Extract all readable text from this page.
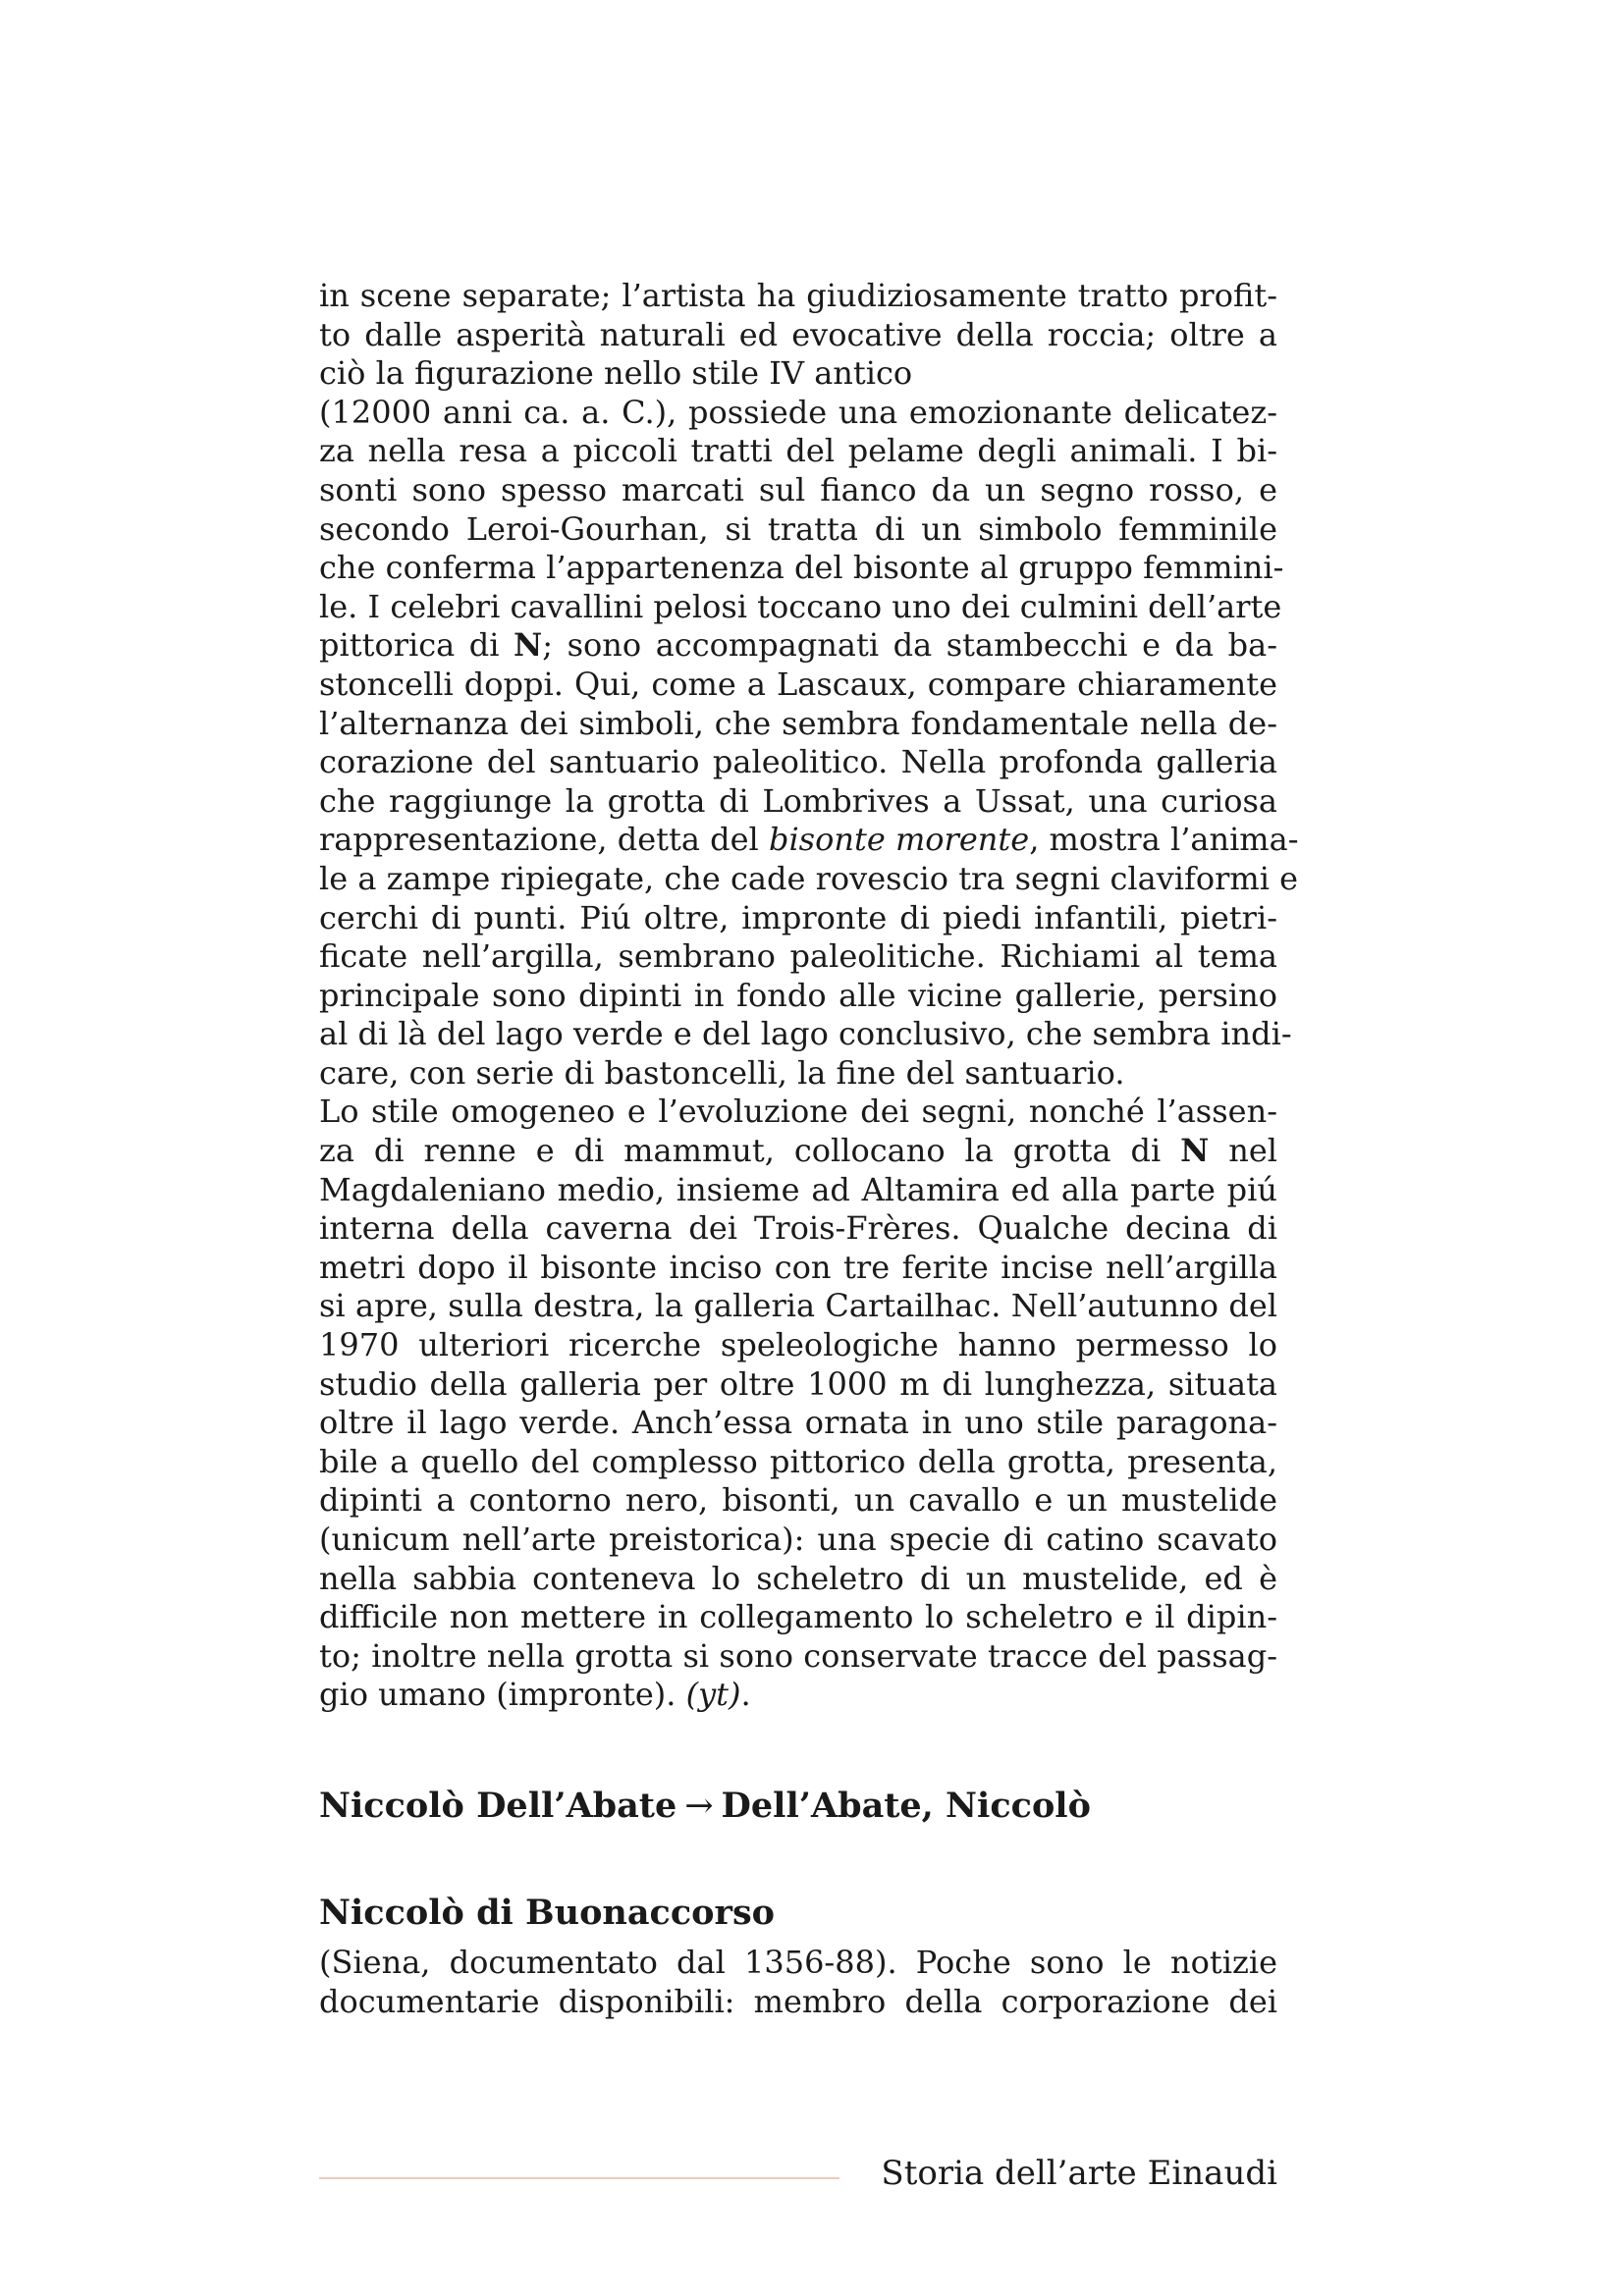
in scene separate; l’artista ha giudiziosamente tratto profit-
to dalle asperità naturali ed evocative della roccia; oltre a
ciò la figurazione nello stile IV antico
(12000 anni ca. a. C.), possiede una emozionante delicatez-
za nella resa a piccoli tratti del pelame degli animali. I bi-
sonti sono spesso marcati sul fianco da un segno rosso, e
secondo Leroi-Gourhan, si tratta di un simbolo femminile
che conferma l’appartenenza del bisonte al gruppo femmini-
le. I celebri cavallini pelosi toccano uno dei culmini dell’arte
pittorica di N; sono accompagnati da stambecchi e da ba-
stoncelli doppi. Qui, come a Lascaux, compare chiaramente
l’alternanza dei simboli, che sembra fondamentale nella de-
corazione del santuario paleolitico. Nella profonda galleria
che raggiunge la grotta di Lombrives a Ussat, una curiosa
rappresentazione, detta del bisonte morente, mostra l’anima-
le a zampe ripiegate, che cade rovescio tra segni claviformi e
cerchi di punti. Piú oltre, impronte di piedi infantili, pietri-
ficate nell’argilla, sembrano paleolitiche. Richiami al tema
principale sono dipinti in fondo alle vicine gallerie, persino
al di là del lago verde e del lago conclusivo, che sembra indi-
care, con serie di bastoncelli, la fine del santuario.
Lo stile omogeneo e l’evoluzione dei segni, nonché l’assen-
za di renne e di mammut, collocano la grotta di N nel
Magdaleniano medio, insieme ad Altamira ed alla parte piú
interna della caverna dei Trois-Frères. Qualche decina di
metri dopo il bisonte inciso con tre ferite incise nell’argilla
si apre, sulla destra, la galleria Cartailhac. Nell’autunno del
1970 ulteriori ricerche speleologiche hanno permesso lo
studio della galleria per oltre 1000 m di lunghezza, situata
oltre il lago verde. Anch’essa ornata in uno stile paragona-
bile a quello del complesso pittorico della grotta, presenta,
dipinti a contorno nero, bisonti, un cavallo e un mustelide
(unicum nell’arte preistorica): una specie di catino scavato
nella sabbia conteneva lo scheletro di un mustelide, ed è
difficile non mettere in collegamento lo scheletro e il dipin-
to; inoltre nella grotta si sono conservate tracce del passag-
gio umano (impronte). (yt).
Niccolò Dell’Abate → Dell’Abate, Niccolò
Niccolò di Buonaccorso
(Siena, documentato dal 1356-88). Poche sono le notizie
documentarie disponibili: membro della corporazione dei
Storia dell’arte Einaudi
